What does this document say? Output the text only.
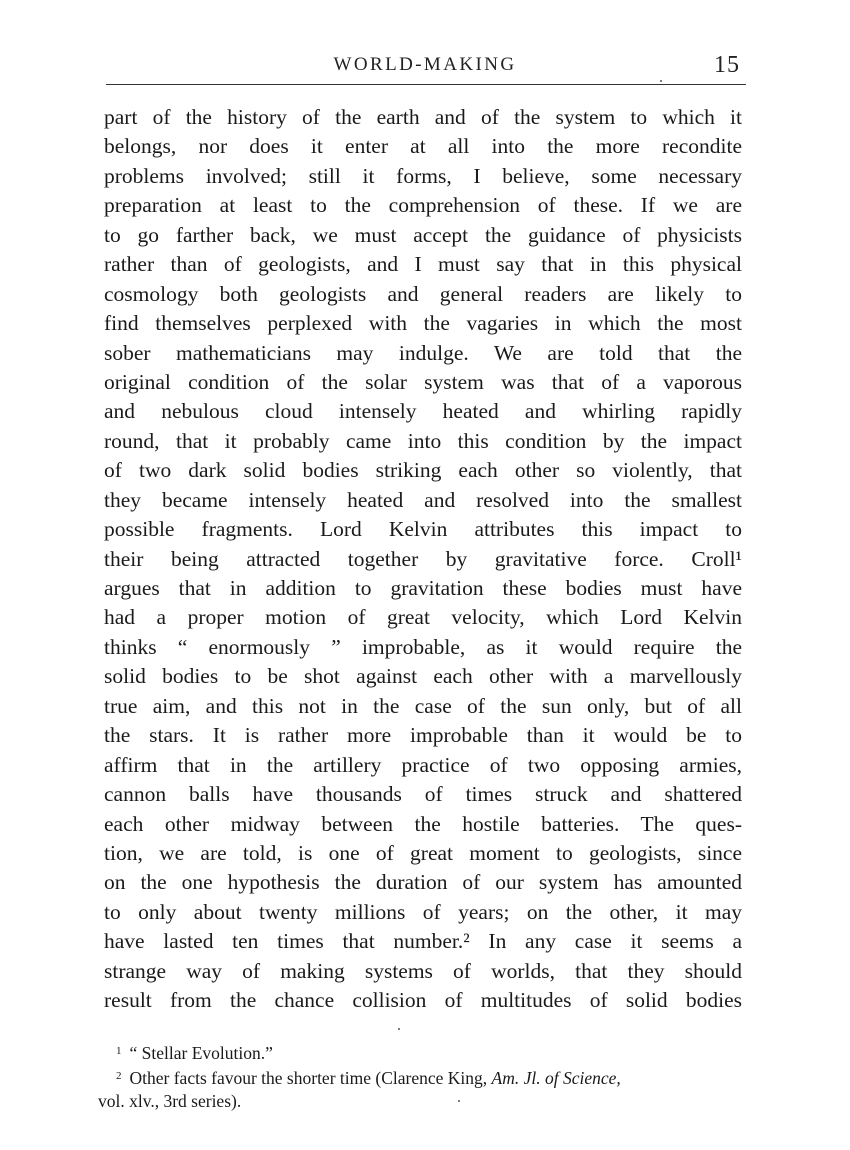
WORLD-MAKING	15
part of the history of the earth and of the system to which it
belongs, nor does it enter at all into the more recondite
problems involved; still it forms, I believe, some necessary
preparation at least to the comprehension of these. If we are
to go farther back, we must accept the guidance of physicists
rather than of geologists, and I must say that in this physical
cosmology both geologists and general readers are likely to
find themselves perplexed with the vagaries in which the most
sober mathematicians may indulge. We are told that the
original condition of the solar system was that of a vaporous
and nebulous cloud intensely heated and whirling rapidly
round, that it probably came into this condition by the impact
of two dark solid bodies striking each other so violently, that
they became intensely heated and resolved into the smallest
possible fragments. Lord Kelvin attributes this impact to
their being attracted together by gravitative force. Croll¹
argues that in addition to gravitation these bodies must have
had a proper motion of great velocity, which Lord Kelvin
thinks “ enormously ” improbable, as it would require the
solid bodies to be shot against each other with a marvellously
true aim, and this not in the case of the sun only, but of all
the stars. It is rather more improbable than it would be to
affirm that in the artillery practice of two opposing armies,
cannon balls have thousands of times struck and shattered
each other midway between the hostile batteries. The ques-
tion, we are told, is one of great moment to geologists, since
on the one hypothesis the duration of our system has amounted
to only about twenty millions of years; on the other, it may
have lasted ten times that number.² In any case it seems a
strange way of making systems of worlds, that they should
result from the chance collision of multitudes of solid bodies
$^1$ “ Stellar Evolution.”
$^2$ Other facts favour the shorter time (Clarence King, Am. Jl. of Science,
vol. xlv., 3rd series).
